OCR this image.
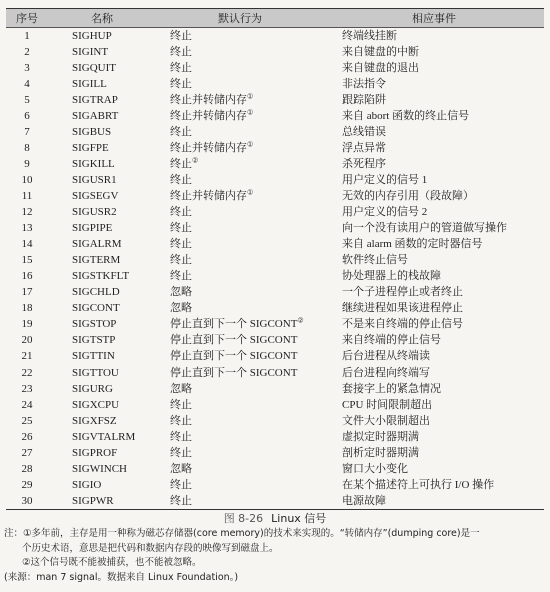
序号	名称	默认行为	相应事件
1	SIGHUP	终止	终端线挂断
2	SIGINT	终止	来自键盘的中断
3	SIGQUIT	终止	来自键盘的退出
4	SIGILL	终止	非法指令
5	SIGTRAP	终止并转储内存①	跟踪陷阱
6	SIGABRT	终止并转储内存①	来自 abort 函数的终止信号
7	SIGBUS	终止	总线错误
8	SIGFPE	终止并转储内存①	浮点异常
9	SIGKILL	终止②	杀死程序
10	SIGUSR1	终止	用户定义的信号 1
11	SIGSEGV	终止并转储内存①	无效的内存引用（段故障）
12	SIGUSR2	终止	用户定义的信号 2
13	SIGPIPE	终止	向一个没有读用户的管道做写操作
14	SIGALRM	终止	来自 alarm 函数的定时器信号
15	SIGTERM	终止	软件终止信号
16	SIGSTKFLT	终止	协处理器上的栈故障
17	SIGCHLD	忽略	一个子进程停止或者终止
18	SIGCONT	忽略	继续进程如果该进程停止
19	SIGSTOP	停止直到下一个 SIGCONT②	不是来自终端的停止信号
20	SIGTSTP	停止直到下一个 SIGCONT	来自终端的停止信号
21	SIGTTIN	停止直到下一个 SIGCONT	后台进程从终端读
22	SIGTTOU	停止直到下一个 SIGCONT	后台进程向终端写
23	SIGURG	忽略	套接字上的紧急情况
24	SIGXCPU	终止	CPU 时间限制超出
25	SIGXFSZ	终止	文件大小限制超出
26	SIGVTALRM	终止	虚拟定时器期满
27	SIGPROF	终止	剖析定时器期满
28	SIGWINCH	忽略	窗口大小变化
29	SIGIO	终止	在某个描述符上可执行 I/O 操作
30	SIGPWR	终止	电源故障
图 8-26 Linux 信号

注：①多年前，主存是用一种称为磁芯存储器(core memory)的技术来实现的。“转储内存”(dumping core)是一

个历史术语，意思是把代码和数据内存段的映像写到磁盘上。

②这个信号既不能被捕获，也不能被忽略。

(来源：man 7 signal。数据来自 Linux Foundation。)
